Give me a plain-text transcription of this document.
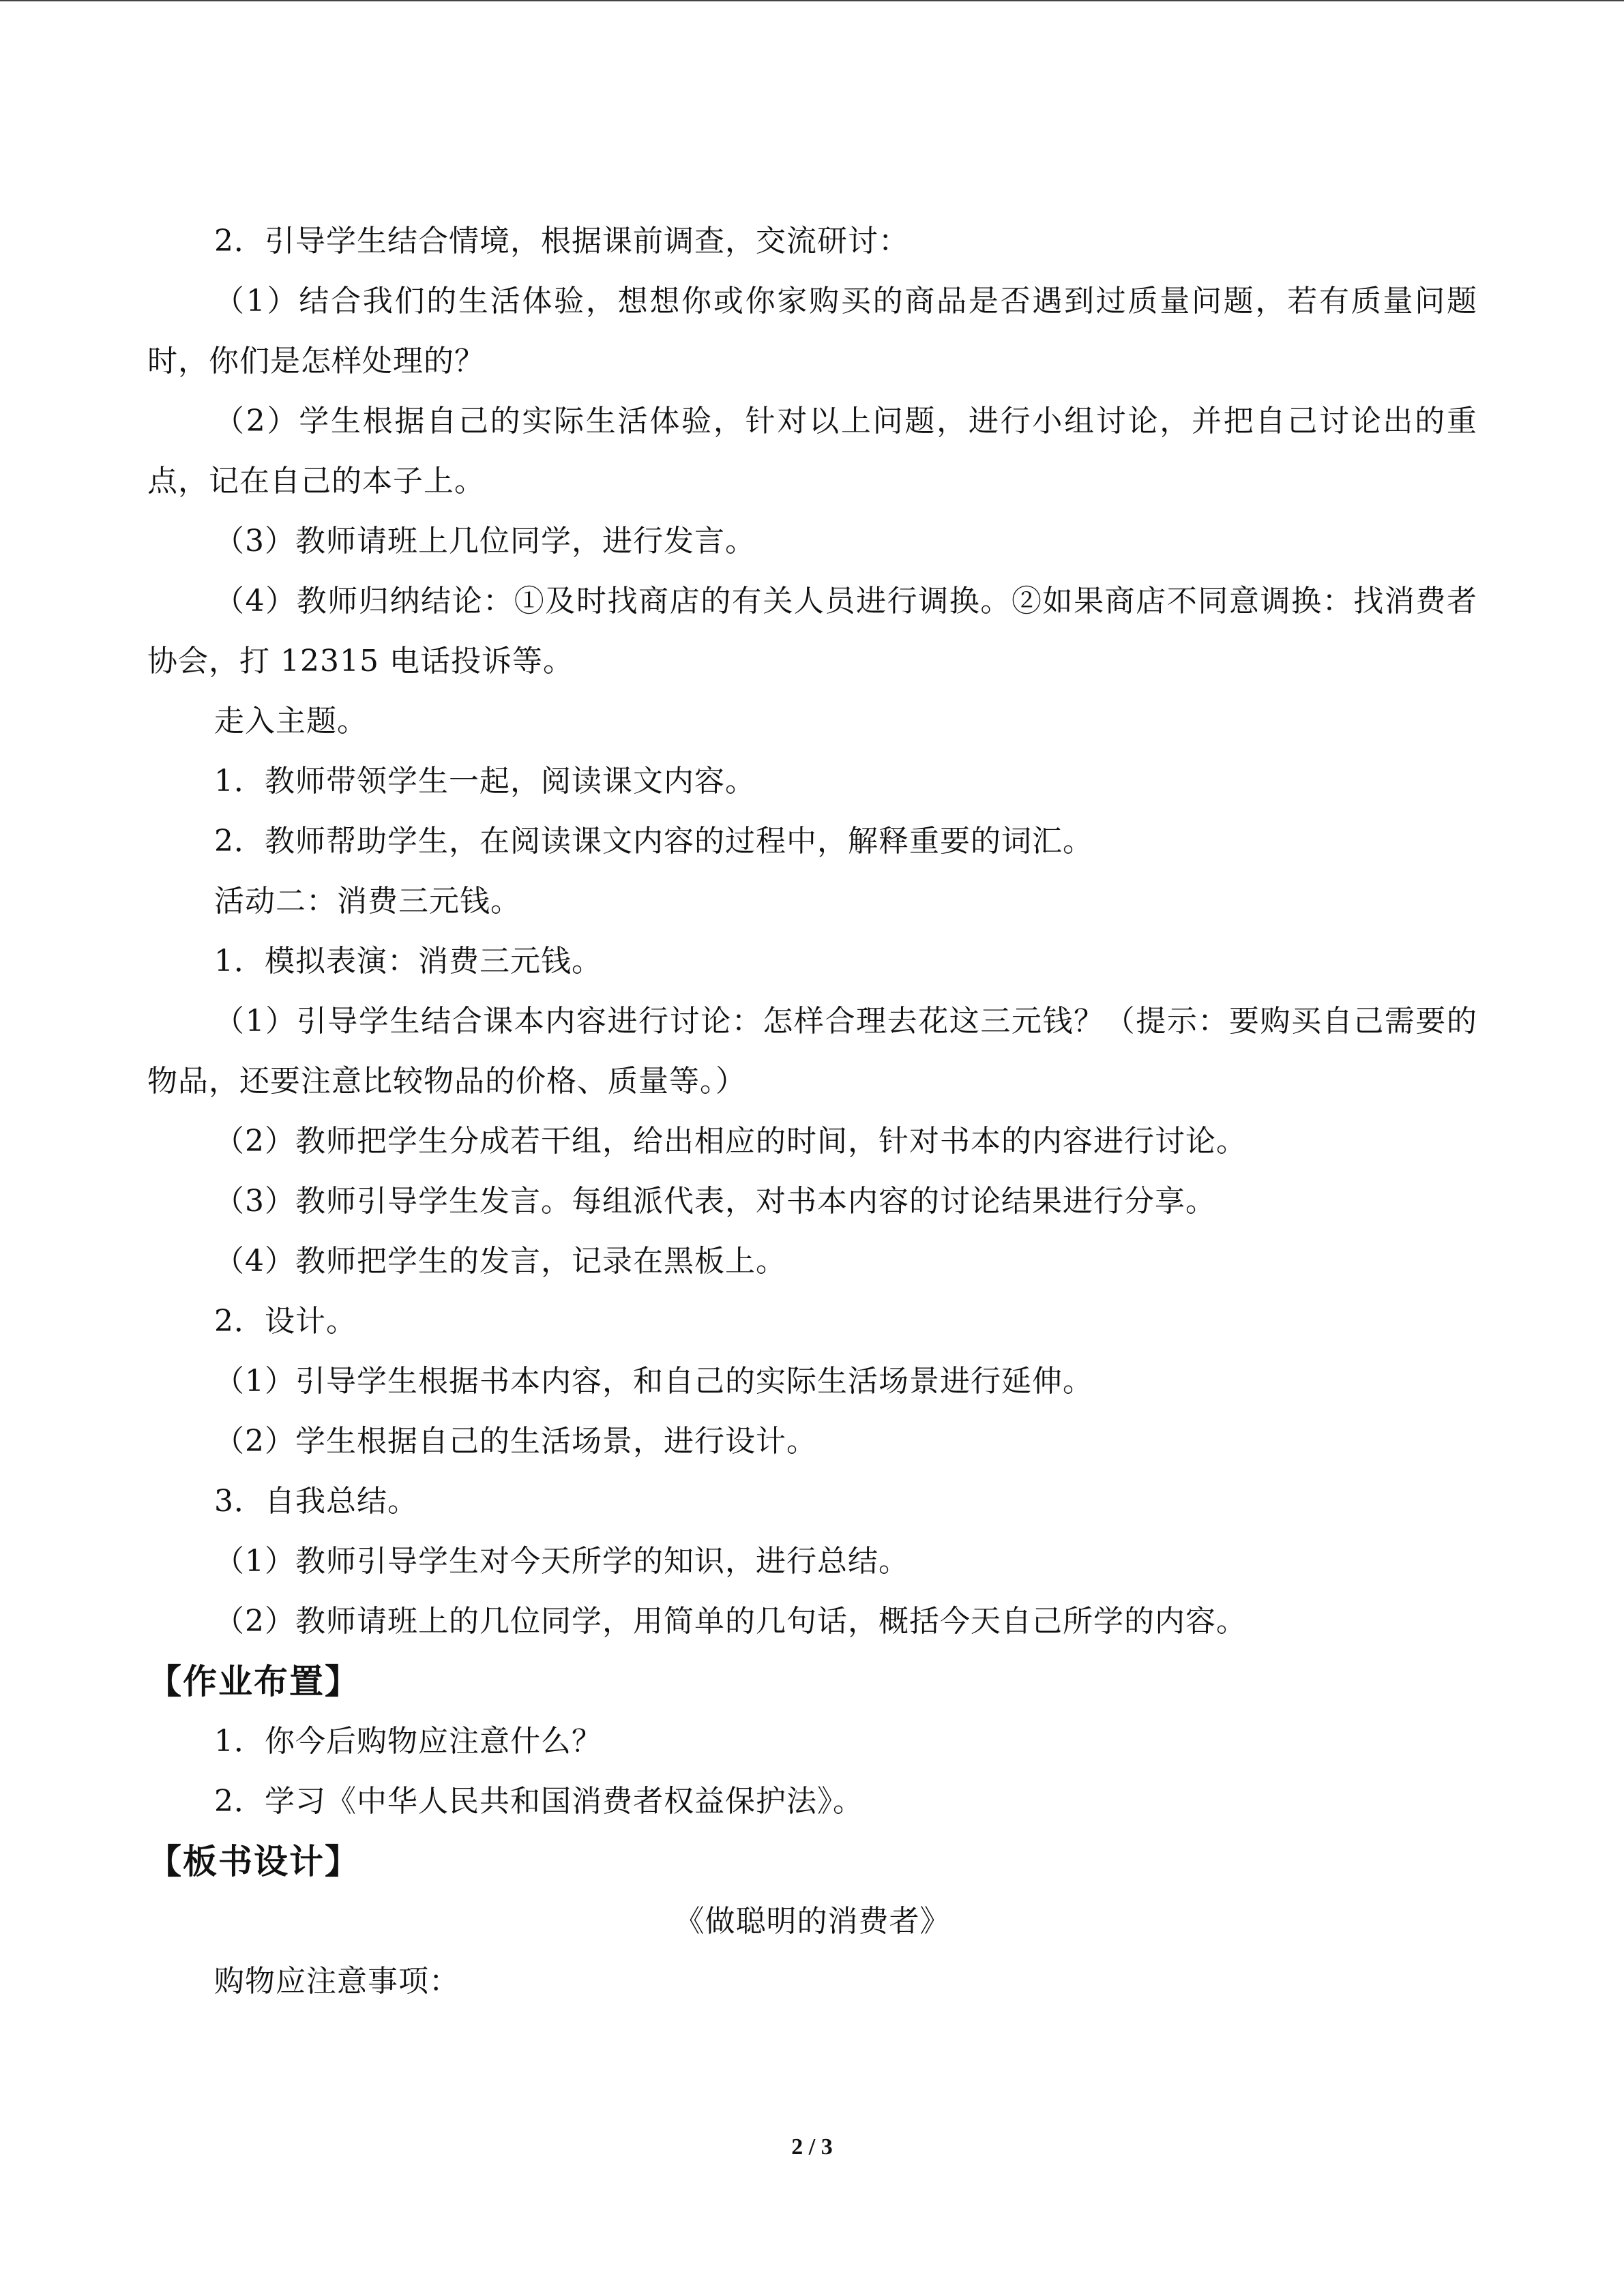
2．引导学生结合情境，根据课前调查，交流研讨：

（1）结合我们的生活体验，想想你或你家购买的商品是否遇到过质量问题，若有质量问题时，你们是怎样处理的？

（2）学生根据自己的实际生活体验，针对以上问题，进行小组讨论，并把自己讨论出的重点，记在自己的本子上。

（3）教师请班上几位同学，进行发言。

（4）教师归纳结论：①及时找商店的有关人员进行调换。②如果商店不同意调换：找消费者协会，打 12315 电话投诉等。

走入主题。

1．教师带领学生一起，阅读课文内容。

2．教师帮助学生，在阅读课文内容的过程中，解释重要的词汇。

活动二：消费三元钱。

1．模拟表演：消费三元钱。

（1）引导学生结合课本内容进行讨论：怎样合理去花这三元钱？（提示：要购买自己需要的物品，还要注意比较物品的价格、质量等。）

（2）教师把学生分成若干组，给出相应的时间，针对书本的内容进行讨论。

（3）教师引导学生发言。每组派代表，对书本内容的讨论结果进行分享。

（4）教师把学生的发言，记录在黑板上。

2．设计。

（1）引导学生根据书本内容，和自己的实际生活场景进行延伸。

（2）学生根据自己的生活场景，进行设计。

3．自我总结。

（1）教师引导学生对今天所学的知识，进行总结。

（2）教师请班上的几位同学，用简单的几句话，概括今天自己所学的内容。

【作业布置】

1．你今后购物应注意什么？

2．学习《中华人民共和国消费者权益保护法》。

【板书设计】

《做聪明的消费者》

购物应注意事项：

2 / 3
